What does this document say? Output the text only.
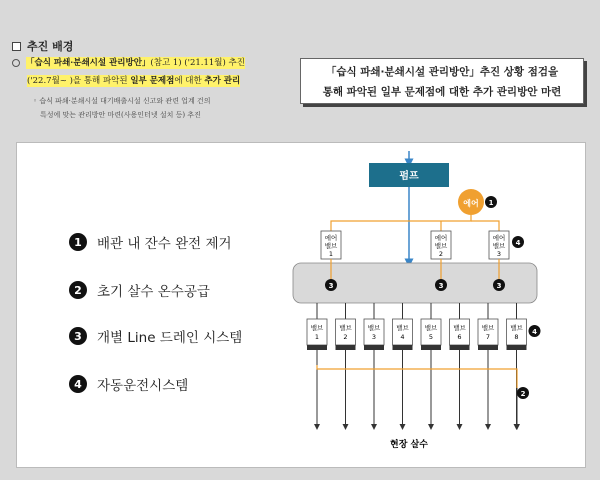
추진 배경
「습식 파쇄·분쇄시설 관리방안」(참고 1) ('21.11월) 추진
('22.7월~ )을 통해 파악된 일부 문제점에 대한 추가 관리
◦ 습식 파쇄·분쇄시설 대기배출시설 신고와 관련 업계 건의
특성에 맞는 관리방안 마련(사용인터넷 설치 등) 추진
「습식 파쇄·분쇄시설 관리방안」추진 상황 점검을
통해 파악된 일부 문제점에 대한 추가 관리방안 마련
1	배관 내 잔수 완전 제거
2	초기 살수 온수공급
3	개별 Line 드레인 시스템
4	자동운전시스템
펌프
에어 1
에어
밸브
1
에어
밸브
2
에어
밸브
3
4
3	3	3
밸브
1
밸브
2
밸브
3
밸브
4
밸브
5
밸브
6
밸브
7
밸브
8
4
2
현장 살수
